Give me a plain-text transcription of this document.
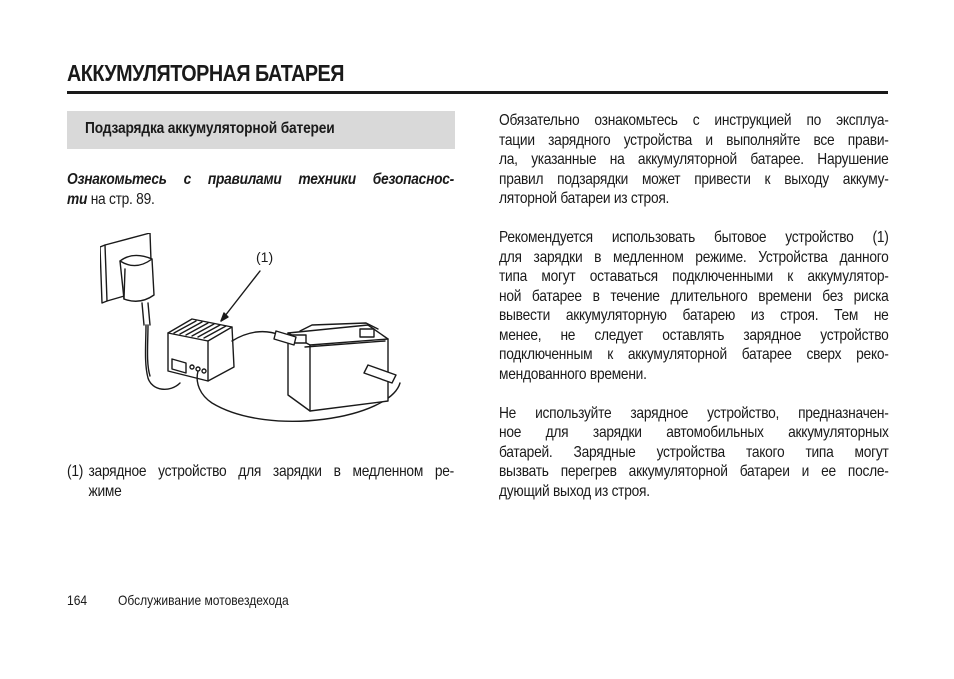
АККУМУЛЯТОРНАЯ БАТАРЕЯ
Подзарядка аккумуляторной батереи
Ознакомьтесь с правилами техники безопаснос-
ти на стр. 89.
(1)
(1) зарядное устройство для зарядки в медленном ре-
жиме

Обязательно ознакомьтесь с инструкцией по эксплуа-
тации зарядного устройства и выполняйте все прави-
ла, указанные на аккумуляторной батарее. Нарушение
правил подзарядки может привести к выходу аккуму-
ляторной батареи из строя.

Рекомендуется использовать бытовое устройство (1)
для зарядки в медленном режиме. Устройства данного
типа могут оставаться подключенными к аккумулятор-
ной батарее в течение длительного времени без риска
вывести аккумуляторную батарею из строя. Тем не
менее, не следует оставлять зарядное устройство
подключенным к аккумуляторной батарее сверх реко-
мендованного времени.

Не используйте зарядное устройство, предназначен-
ное для зарядки автомобильных аккумуляторных
батарей. Зарядные устройства такого типа могут
вызвать перегрев аккумуляторной батареи и ее после-
дующий выход из строя.

164 Обслуживание мотовездехода
